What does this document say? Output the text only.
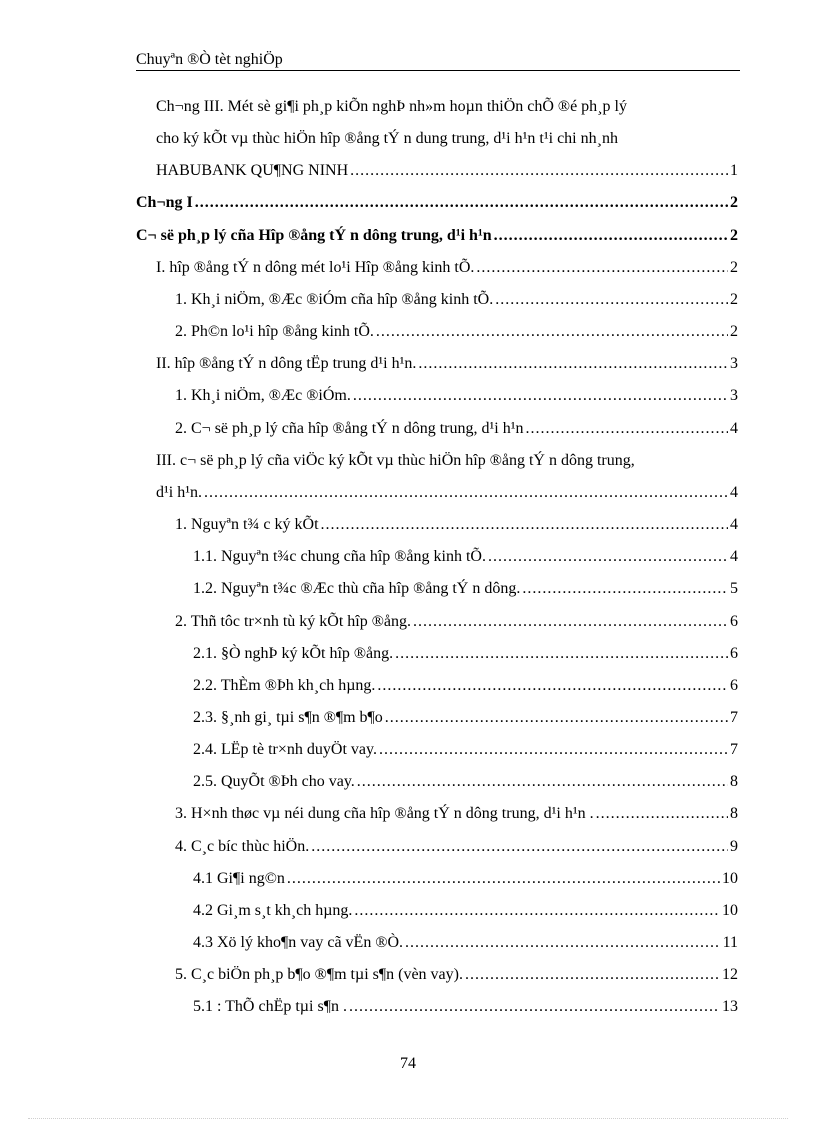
Chuyªn ®Ò tèt nghiÖp
Ch¬ng III. Mét sè gi¶i ph¸p kiÕn nghÞ nh»m hoµn thiÖn chÕ ®é ph¸p lý
cho ký kÕt vµ thùc hiÖn hîp ®ång tÝ n dung trung, d¹i h¹n t¹i chi nh¸nh
HABUBANK QU¶NG NINH .....	1
Ch¬ng I .....	2
C¬ së ph¸p lý cña Hîp ®ång tÝ n dông trung, d¹i h¹n .....	2
I. hîp ®ång tÝ n dông mét lo¹i Hîp ®ång kinh tÕ. .....	2
1. Kh¸i niÖm, ®Æc ®iÓm cña hîp ®ång kinh tÕ. .....	2
2. Ph©n lo¹i hîp ®ång kinh tÕ. .....	2
II. hîp ®ång tÝ n dông tËp trung d¹i h¹n. .....	3
1. Kh¸i niÖm, ®Æc ®iÓm. .....	3
2. C¬ së ph¸p lý cña hîp ®ång tÝ n dông trung, d¹i h¹n .....	4
III. c¬ së ph¸p lý cña viÖc ký kÕt vµ thùc hiÖn hîp ®ång tÝ n dông trung,
d¹i h¹n. .....	4
1. Nguyªn t¾ c ký kÕt .....	4
1.1. Nguyªn t¾c chung cña hîp ®ång kinh tÕ. .....	4
1.2. Nguyªn t¾c ®Æc thù cña hîp ®ång tÝ n dông. .....	5
2. Thñ tôc tr×nh tù ký kÕt hîp ®ång. .....	6
2.1. §Ò nghÞ ký kÕt hîp ®ång. .....	6
2.2. ThÈm ®Þh kh¸ch hµng. .....	6
2.3. §¸nh gi¸ tµi s¶n ®¶m b¶o .....	7
2.4. LËp tè tr×nh duyÖt vay. .....	7
2.5. QuyÕt ®Þh cho vay. .....	8
3. H×nh thøc vµ néi dung cña hîp ®ång tÝ n dông trung, d¹i h¹n . .....	8
4. C¸c bíc thùc hiÖn. .....	9
4.1 Gi¶i ng©n .....	10
4.2 Gi¸m s¸t kh¸ch hµng. .....	10
4.3 Xö lý kho¶n vay cã vËn ®Ò. .....	11
5. C¸c biÖn ph¸p b¶o ®¶m tµi s¶n (vèn vay). .....	12
5.1 : ThÕ chËp tµi s¶n . .....	13
74
